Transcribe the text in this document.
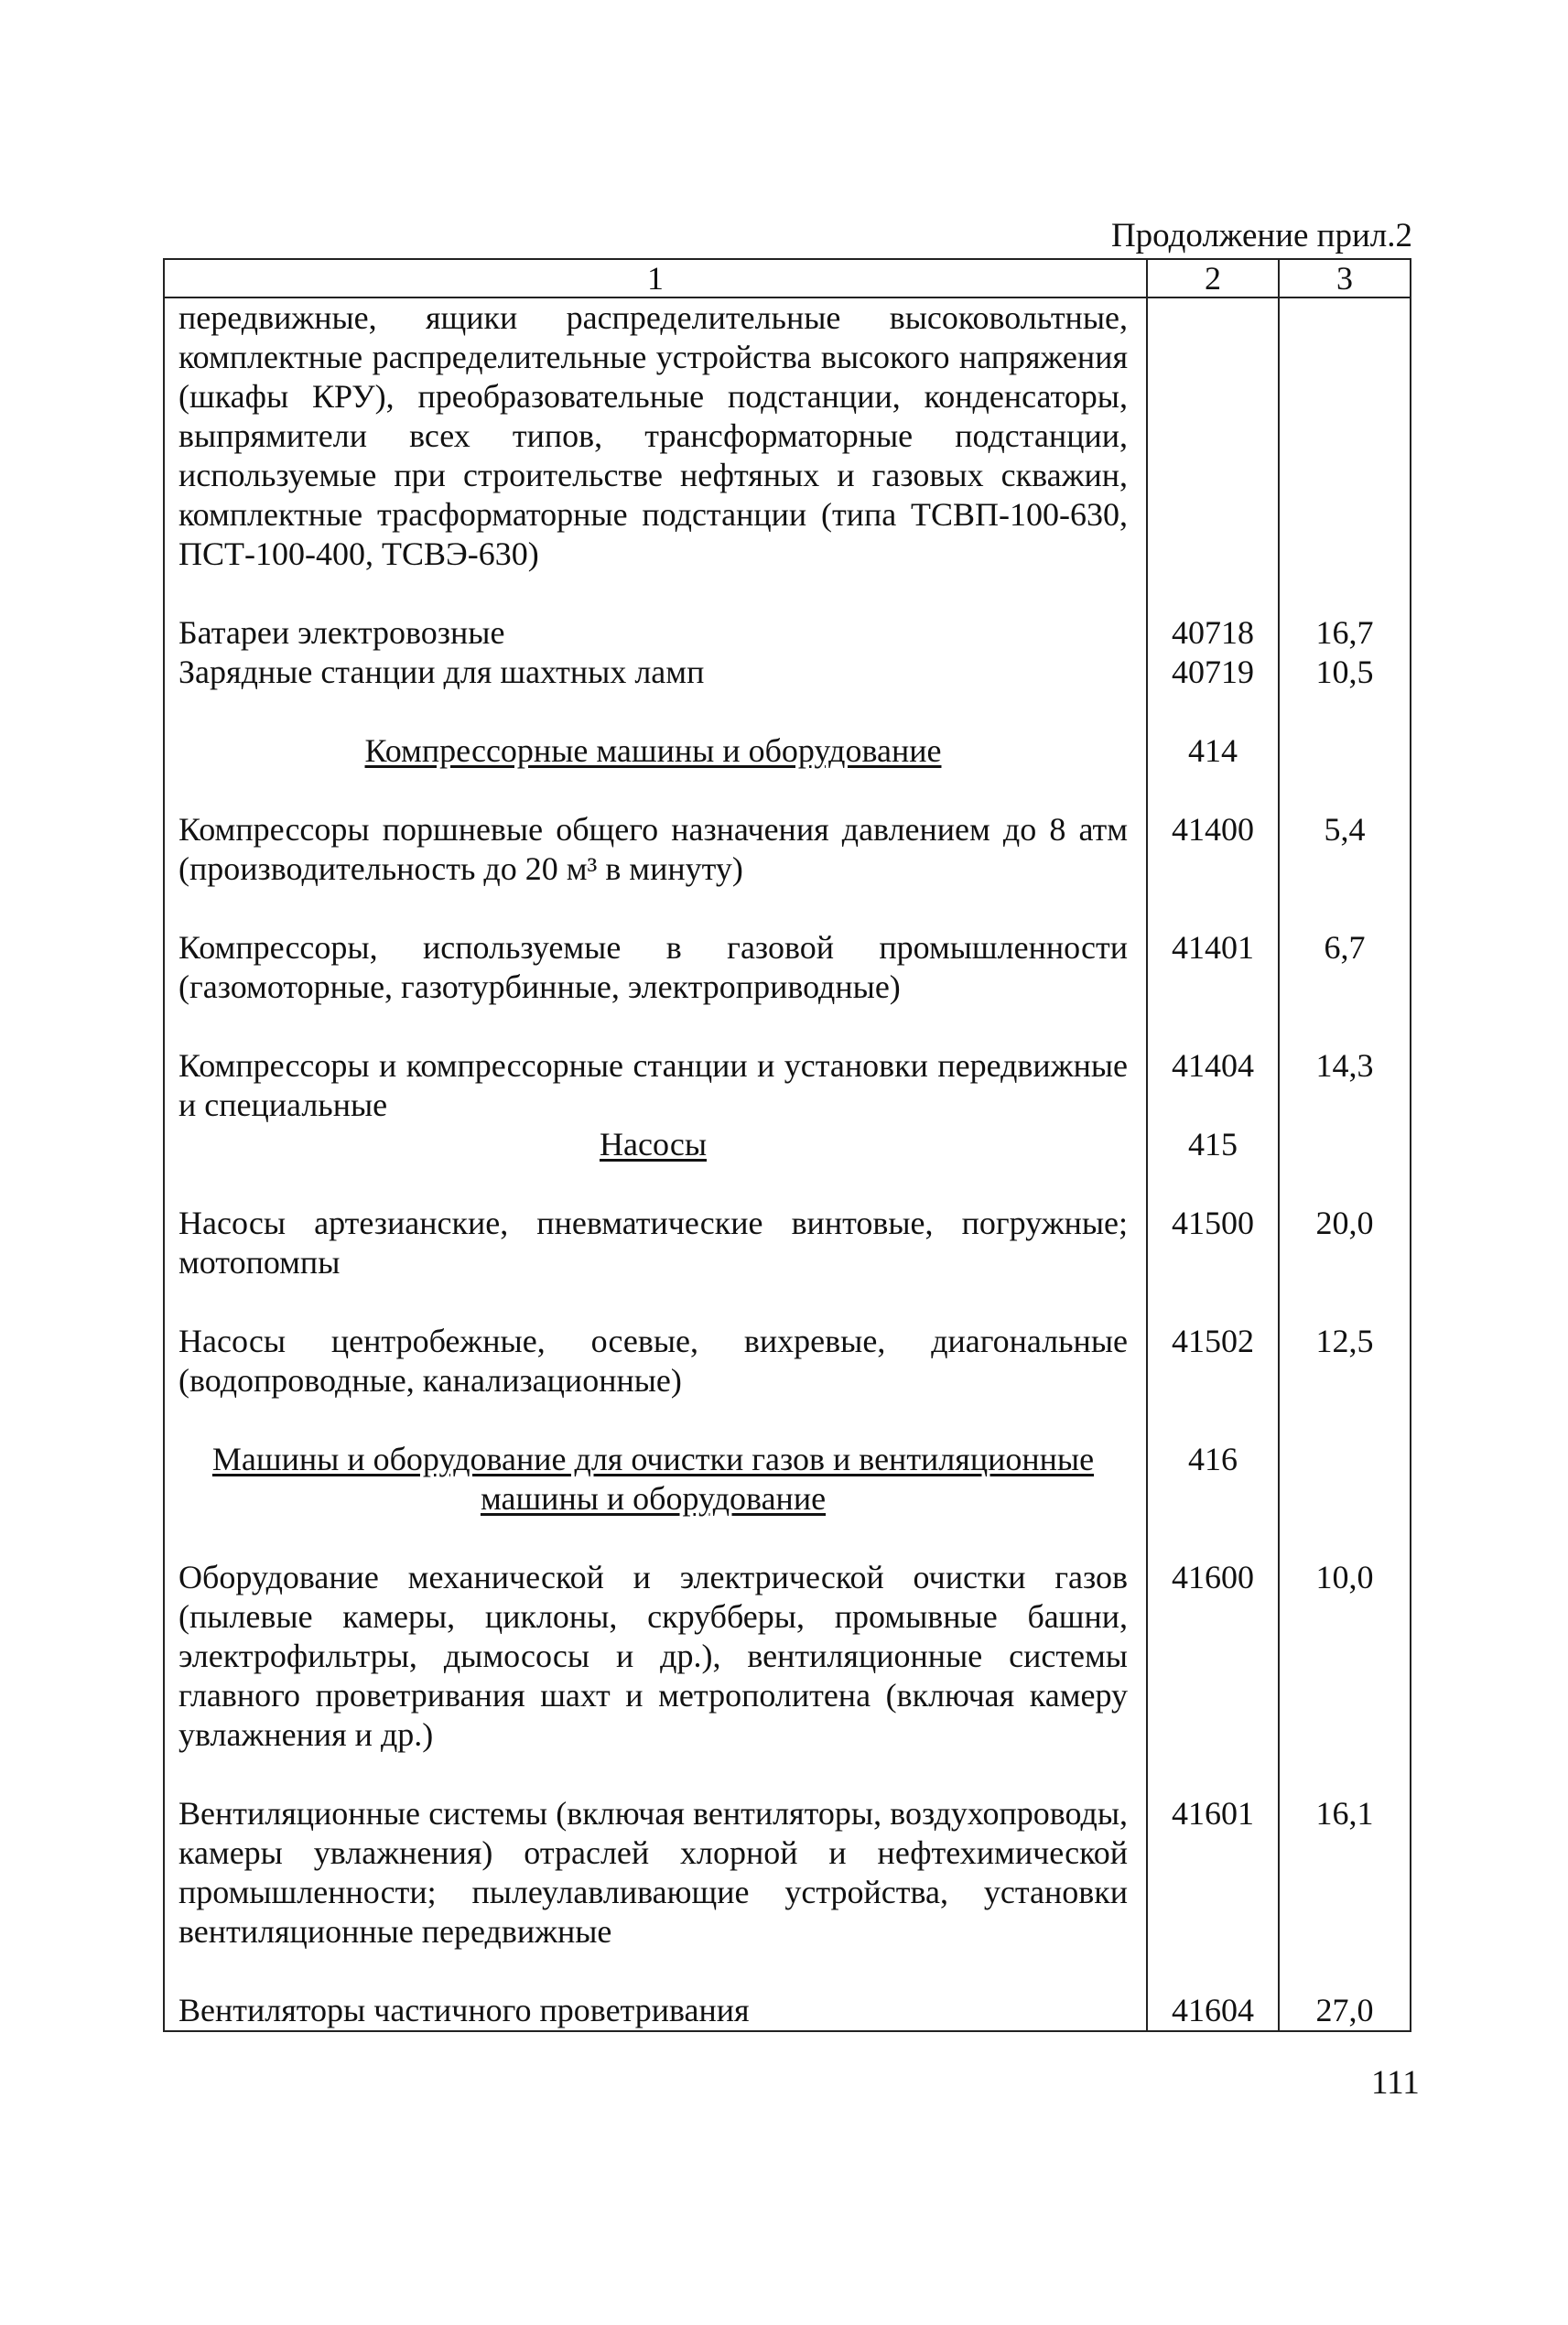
Продолжение прил.2
1	2	3
передвижные, ящики распределительные высоковольтные, комплектные распределительные устройства высокого напряжения (шкафы КРУ), преобразовательные подстанции, конденсаторы, выпрямители всех типов, трансформаторные подстанции, используемые при строительстве нефтяных и газовых скважин, комплектные трасформаторные подстанции (типа ТСВП-100-630, ПСТ-100-400, ТСВЭ-630)		
Батареи электровозные	40718	16,7
Зарядные станции для шахтных ламп	40719	10,5
Компрессорные машины и оборудование	414	
Компрессоры поршневые общего назначения давлением до 8 атм (производительность до 20 м³ в минуту)	41400	5,4
Компрессоры, используемые в газовой промышленности (газомоторные, газотурбинные, электроприводные)	41401	6,7
Компрессоры и компрессорные станции и установки передвижные и специальные	41404	14,3
Насосы	415	
Насосы артезианские, пневматические винтовые, погружные; мотопомпы	41500	20,0
Насосы центробежные, осевые, вихревые, диагональные (водопроводные, канализационные)	41502	12,5
Машины и оборудование для очистки газов и вентиляционные машины и оборудование	416	
Оборудование механической и электрической очистки газов (пылевые камеры, циклоны, скрубберы, промывные башни, электрофильтры, дымососы и др.), вентиляционные системы главного проветривания шахт и метрополитена (включая камеру увлажнения и др.)	41600	10,0
Вентиляционные системы (включая вентиляторы, воздухопроводы, камеры увлажнения) отраслей хлорной и нефтехимической промышленности; пылеулавливающие устройства, установки вентиляционные передвижные	41601	16,1
Вентиляторы частичного проветривания	41604	27,0
111
